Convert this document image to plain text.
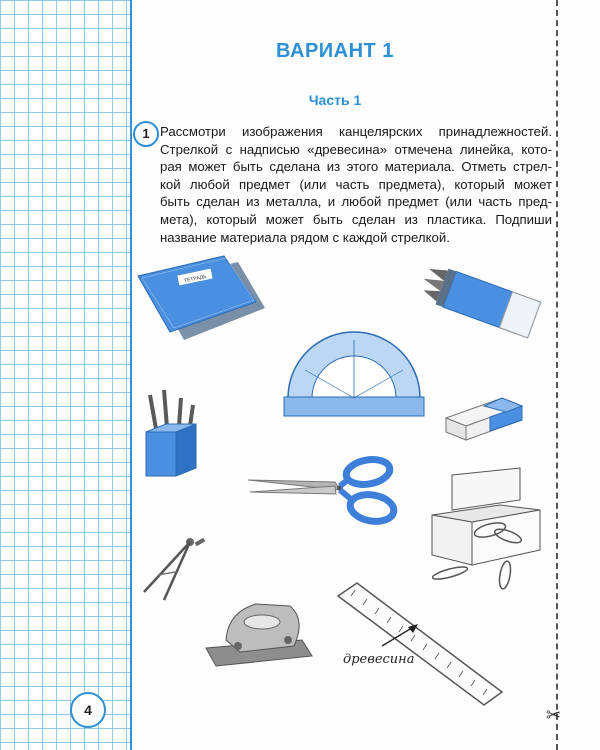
ВАРИАНТ 1
Часть 1
1 Рассмотри изображения канцелярских принадлежностей.
Стрелкой с надписью «древесина» отмечена линейка, кото-
рая может быть сделана из этого материала. Отметь стрел-
кой любой предмет (или часть предмета), который может
быть сделан из металла, и любой предмет (или часть пред-
мета), который может быть сделан из пластика. Подпиши
название материала рядом с каждой стрелкой.
ТЕТРАДЬ
древесина
4	✂
